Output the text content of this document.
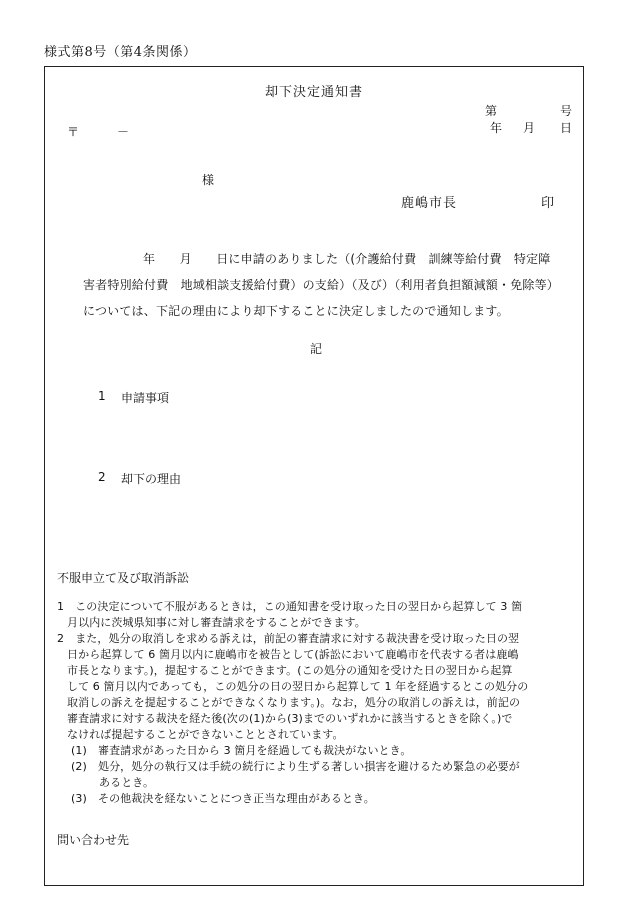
様式第8号（第4条関係）
却下決定通知書
第	号
年 月 日
〒	－
様
鹿嶋市長	印
年　　月　　日に申請のありました（(介護給付費　訓練等給付費　特定障
害者特別給付費　地域相談支援給付費）の支給）（及び）（利用者負担額減額・免除等）
については、下記の理由により却下することに決定しましたので通知します。
記
1 申請事項
2 却下の理由
不服申立て及び取消訴訟
1　この決定について不服があるときは，この通知書を受け取った日の翌日から起算して 3 箇
月以内に茨城県知事に対し審査請求をすることができます。
2　また，処分の取消しを求める訴えは，前記の審査請求に対する裁決書を受け取った日の翌
日から起算して 6 箇月以内に鹿嶋市を被告として(訴訟において鹿嶋市を代表する者は鹿嶋
市長となります。)，提起することができます。(この処分の通知を受けた日の翌日から起算
して 6 箇月以内であっても，この処分の日の翌日から起算して 1 年を経過するとこの処分の
取消しの訴えを提起することができなくなります。)。なお，処分の取消しの訴えは，前記の
審査請求に対する裁決を経た後(次の(1)から(3)までのいずれかに該当するときを除く。)で
なければ提起することができないこととされています。
(1)　審査請求があった日から 3 箇月を経過しても裁決がないとき。
(2)　処分，処分の執行又は手続の続行により生ずる著しい損害を避けるため緊急の必要が
あるとき。
(3)　その他裁決を経ないことにつき正当な理由があるとき。
問い合わせ先
